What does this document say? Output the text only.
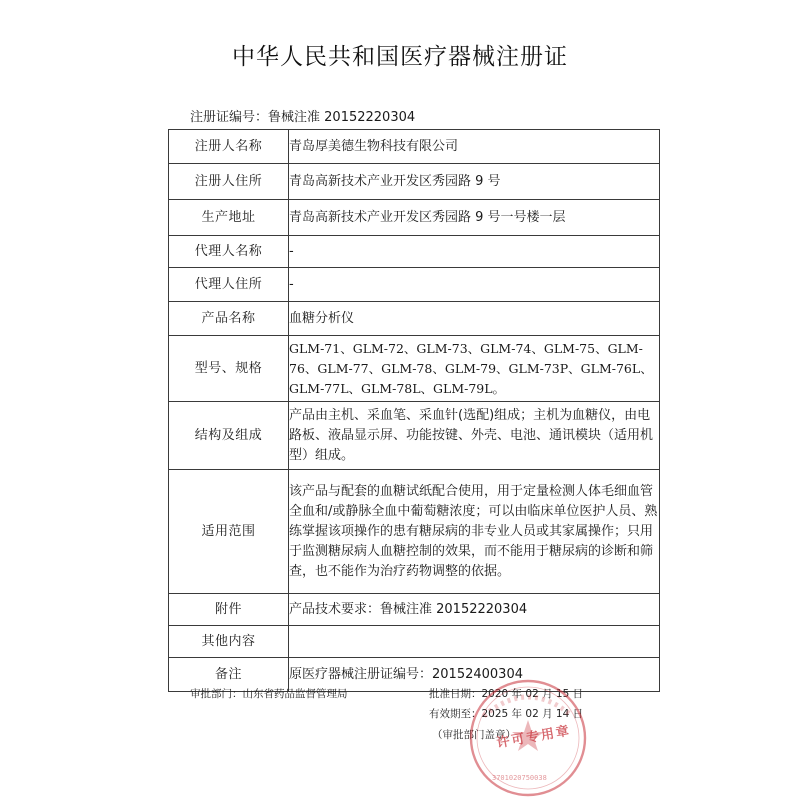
中华人民共和国医疗器械注册证
注册证编号：鲁械注准 20152220304
注册人名称	青岛厚美德生物科技有限公司
注册人住所	青岛高新技术产业开发区秀园路 9 号
生产地址	青岛高新技术产业开发区秀园路 9 号一号楼一层
代理人名称	-
代理人住所	-
产品名称	血糖分析仪
型号、规格	GLM-71、GLM-72、GLM-73、GLM-74、GLM-75、GLM-76、GLM-77、GLM-78、GLM-79、GLM-73P、GLM-76L、GLM-77L、GLM-78L、GLM-79L。
结构及组成	产品由主机、采血笔、采血针(选配)组成；主机为血糖仪，由电路板、液晶显示屏、功能按键、外壳、电池、通讯模块（适用机型）组成。
适用范围	该产品与配套的血糖试纸配合使用，用于定量检测人体毛细血管全血和/或静脉全血中葡萄糖浓度；可以由临床单位医护人员、熟练掌握该项操作的患有糖尿病的非专业人员或其家属操作；只用于监测糖尿病人血糖控制的效果，而不能用于糖尿病的诊断和筛查，也不能作为治疗药物调整的依据。
附件	产品技术要求：鲁械注准 20152220304
其他内容	
备注	原医疗器械注册证编号：20152400304
审批部门：山东省药品监督管理局	批准日期：2020 年 02 月 15 日
有效期至：2025 年 02 月 14 日
（审批部门盖章）
3701020750038
许可专用章
